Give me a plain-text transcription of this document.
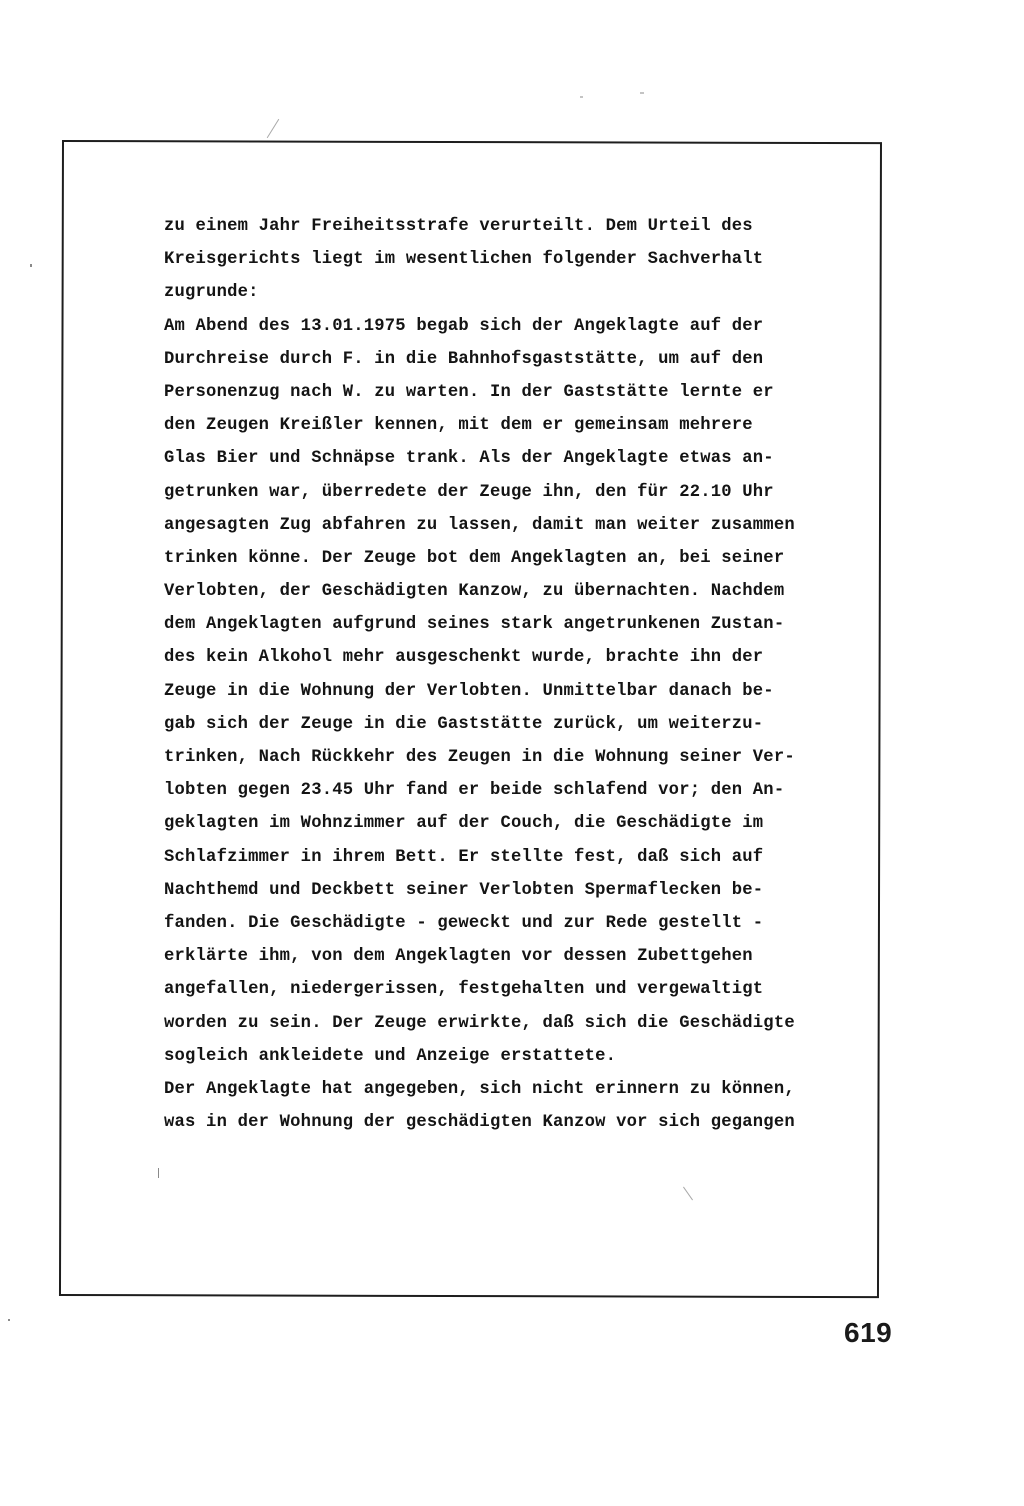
zu einem Jahr Freiheitsstrafe verurteilt. Dem Urteil des
Kreisgerichts liegt im wesentlichen folgender Sachverhalt
zugrunde:
Am Abend des 13.01.1975 begab sich der Angeklagte auf der
Durchreise durch F. in die Bahnhofsgaststätte, um auf den
Personenzug nach W. zu warten. In der Gaststätte lernte er
den Zeugen Kreißler kennen, mit dem er gemeinsam mehrere
Glas Bier und Schnäpse trank. Als der Angeklagte etwas an-
getrunken war, überredete der Zeuge ihn, den für 22.10 Uhr
angesagten Zug abfahren zu lassen, damit man weiter zusammen
trinken könne. Der Zeuge bot dem Angeklagten an, bei seiner
Verlobten, der Geschädigten Kanzow, zu übernachten. Nachdem
dem Angeklagten aufgrund seines stark angetrunkenen Zustan-
des kein Alkohol mehr ausgeschenkt wurde, brachte ihn der
Zeuge in die Wohnung der Verlobten. Unmittelbar danach be-
gab sich der Zeuge in die Gaststätte zurück, um weiterzu-
trinken, Nach Rückkehr des Zeugen in die Wohnung seiner Ver-
lobten gegen 23.45 Uhr fand er beide schlafend vor; den An-
geklagten im Wohnzimmer auf der Couch, die Geschädigte im
Schlafzimmer in ihrem Bett. Er stellte fest, daß sich auf
Nachthemd und Deckbett seiner Verlobten Spermaflecken be-
fanden. Die Geschädigte - geweckt und zur Rede gestellt -
erklärte ihm, von dem Angeklagten vor dessen Zubettgehen
angefallen, niedergerissen, festgehalten und vergewaltigt
worden zu sein. Der Zeuge erwirkte, daß sich die Geschädigte
sogleich ankleidete und Anzeige erstattete.
Der Angeklagte hat angegeben, sich nicht erinnern zu können,
was in der Wohnung der geschädigten Kanzow vor sich gegangen
619
